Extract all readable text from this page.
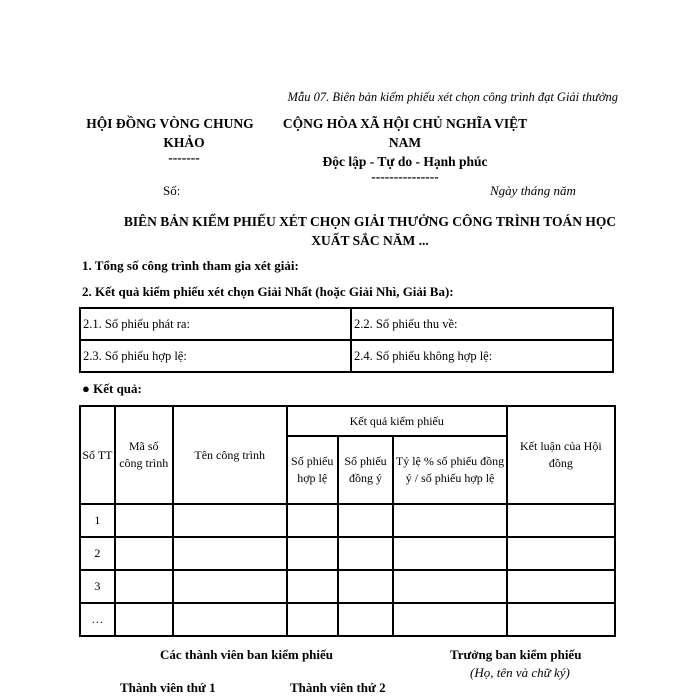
Mẫu 07. Biên bản kiểm phiếu xét chọn công trình đạt Giải thưởng
HỘI ĐỒNG VÒNG CHUNG
KHẢO
-------
CỘNG HÒA XÃ HỘI CHỦ NGHĨA VIỆT NAM
Độc lập - Tự do - Hạnh phúc
---------------
Số:	Ngày tháng năm
BIÊN BẢN KIỂM PHIẾU XÉT CHỌN GIẢI THƯỞNG CÔNG TRÌNH TOÁN HỌC
XUẤT SẮC NĂM ...
1. Tổng số công trình tham gia xét giải:
2. Kết quả kiểm phiếu xét chọn Giải Nhất (hoặc Giải Nhì, Giải Ba):
2.1. Số phiếu phát ra:	2.2. Số phiếu thu về:
2.3. Số phiếu hợp lệ:	2.4. Số phiếu không hợp lệ:
● Kết quả:
Số TT	Mã số công trình	Tên công trình	Kết quả kiểm phiếu			Kết luận của Hội đồng
			Số phiếu hợp lệ	Số phiếu đồng ý	Tỷ lệ % số phiếu đồng ý / số phiếu hợp lệ	
1						
2						
3						
…						
Các thành viên ban kiểm phiếu	Trưởng ban kiểm phiếu
(Họ, tên và chữ ký)
Thành viên thứ 1	Thành viên thứ 2
